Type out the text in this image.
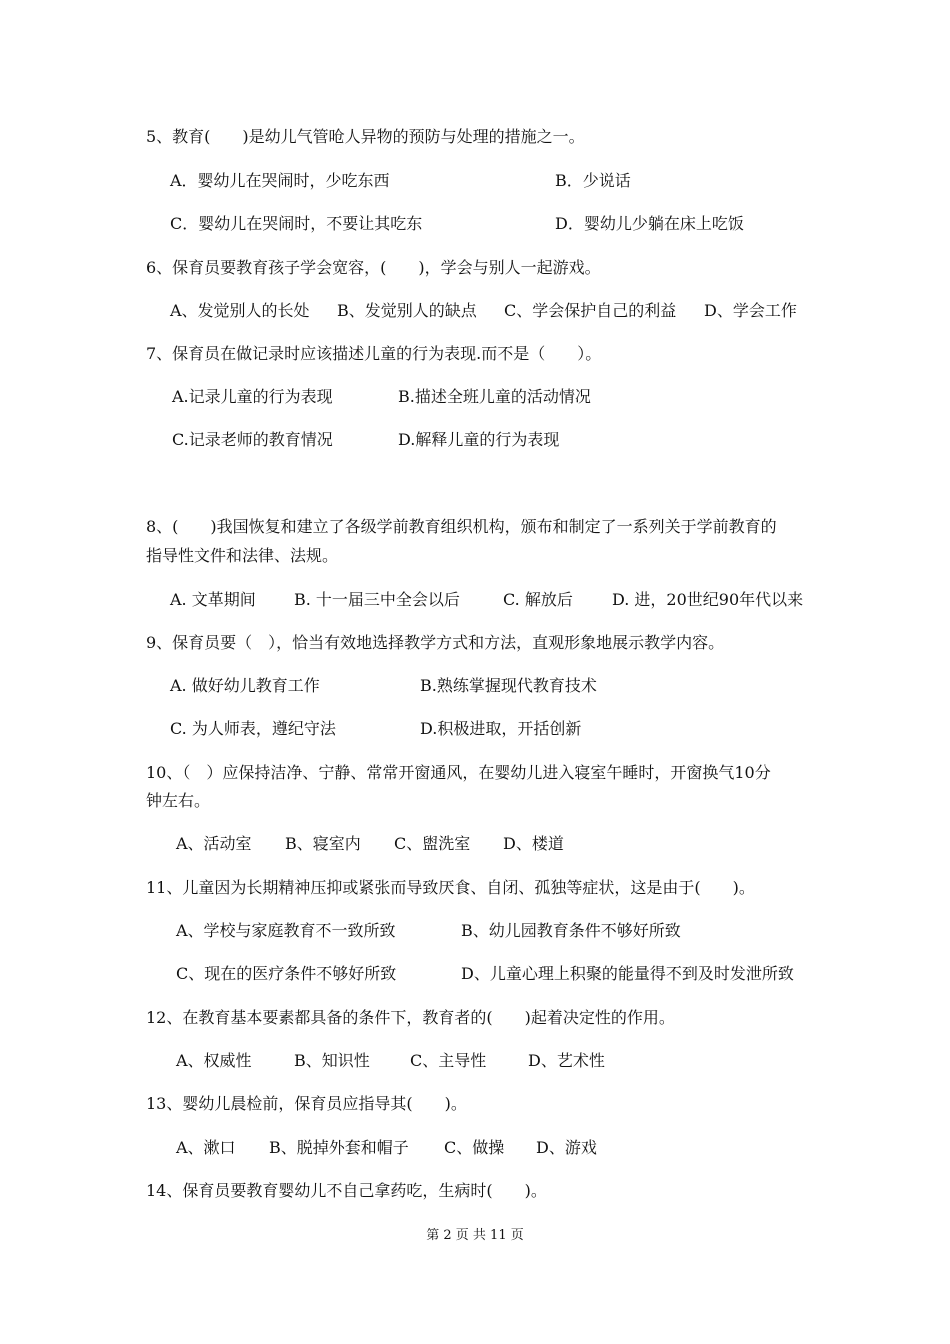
5、教育(　　)是幼儿气管呛人异物的预防与处理的措施之一。
A．婴幼儿在哭闹时，少吃东西	B．少说话
C．婴幼儿在哭闹时，不要让其吃东	D．婴幼儿少躺在床上吃饭
6、保育员要教育孩子学会宽容，(　　)，学会与别人一起游戏。
A、发觉别人的长处 B、发觉别人的缺点 C、学会保护自己的利益 D、学会工作
7、保育员在做记录时应该描述儿童的行为表现.而不是（　　）。
A.记录儿童的行为表现	B.描述全班儿童的活动情况
C.记录老师的教育情况	D.解释儿童的行为表现
8、(　　)我国恢复和建立了各级学前教育组织机构，颁布和制定了一系列关于学前教育的
指导性文件和法律、法规。
A. 文革期间 B. 十一届三中全会以后	C. 解放后 D. 进，20世纪90年代以来
9、保育员要（　），恰当有效地选择教学方式和方法，直观形象地展示教学内容。
A. 做好幼儿教育工作	B.熟练掌握现代教育技术
C. 为人师表，遵纪守法	D.积极进取，开括创新
10、（　）应保持洁净、宁静、常常开窗通风，在婴幼儿进入寝室午睡时，开窗换气10分
钟左右。
A、活动室 B、寝室内 C、盥洗室 D、楼道
11、儿童因为长期精神压抑或紧张而导致厌食、自闭、孤独等症状，这是由于(　　)。
A、学校与家庭教育不一致所致	B、幼儿园教育条件不够好所致
C、现在的医疗条件不够好所致	D、儿童心理上积聚的能量得不到及时发泄所致
12、在教育基本要素都具备的条件下，教育者的(　　)起着决定性的作用。
A、权威性	B、知识性	C、主导性	D、艺术性
13、婴幼儿晨检前，保育员应指导其(　　)。
A、漱口 B、脱掉外套和帽子 C、做操 D、游戏
14、保育员要教育婴幼儿不自己拿药吃，生病时(　　)。
第 2 页 共 11 页
